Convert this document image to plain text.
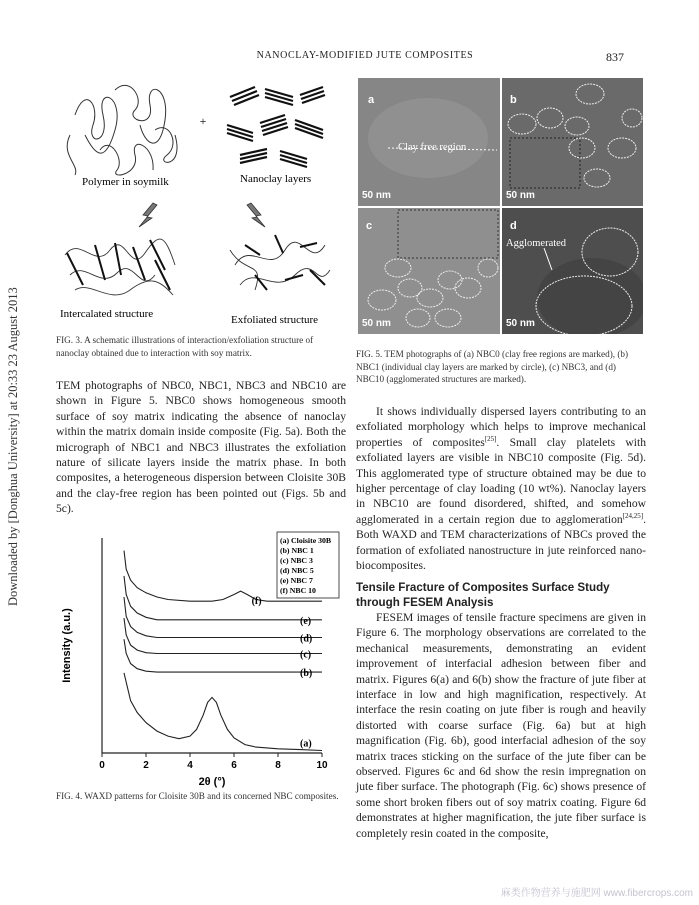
NANOCLAY-MODIFIED JUTE COMPOSITES	837
Downloaded by [Donghua University] at 20:33 23 August 2013
+
Polymer in soymilk	Nanoclay layers
Intercalated structure	Exfoliated structure
FIG. 3. A schematic illustrations of interaction/exfoliation structure of nanoclay obtained due to interaction with soy matrix.

TEM photographs of NBC0, NBC1, NBC3 and NBC10 are shown in Figure 5. NBC0 shows homogeneous smooth surface of soy matrix indicating the absence of nanoclay within the matrix domain inside composite (Fig. 5a). Both the micrograph of NBC1 and NBC3 illustrates the exfoliation nature of silicate layers inside the matrix phase. In both composites, a heterogeneous dispersion between Cloisite 30B and the clay-free region has been pointed out (Figs. 5b and 5c).

0	2	4	6	8	10
(a)
(b)
(c)
(d)
(e)
(f)
(a) Cloisite 30B
(b) NBC 1
(c) NBC 3
(d) NBC 5
(e) NBC 7
(f) NBC 10
2θ (°)
Intensity (a.u.)
FIG. 4. WAXD patterns for Cloisite 30B and its concerned NBC composites.
a
Clay free region
50 nm
b
50 nm
c
50 nm
d
Agglomerated
50 nm
FIG. 5. TEM photographs of (a) NBC0 (clay free regions are marked), (b) NBC1 (individual clay layers are marked by circle), (c) NBC3, and (d) NBC10 (agglomerated structures are marked).

It shows individually dispersed layers contributing to an exfoliated morphology which helps to improve mechanical properties of composites[25]. Small clay platelets with exfoliated layers are visible in NBC10 composite (Fig. 5d). This agglomerated type of structure obtained may be due to higher percentage of clay loading (10 wt%). Nanoclay layers in NBC10 are found disordered, shifted, and somehow agglomerated in a certain region due to agglomeration[24,25]. Both WAXD and TEM characterizations of NBCs proved the formation of exfoliated nanostructure in jute reinforced nano-biocomposites.

Tensile Fracture of Composites Surface Study through FESEM Analysis

FESEM images of tensile fracture specimens are given in Figure 6. The morphology observations are correlated to the mechanical measurements, demonstrating an evident improvement of interfacial adhesion between fiber and matrix. Figures 6(a) and 6(b) show the fracture of jute fiber at interface in low and high magnification, respectively. At interface the resin coating on jute fiber is rough and heavily distorted with coarse surface (Fig. 6a) but at high magnification (Fig. 6b), good interfacial adhesion of the soy matrix traces sticking on the surface of the jute fiber can be observed. Figures 6c and 6d show the resin impregnation on jute fiber surface. The photograph (Fig. 6c) shows presence of some short broken fibers out of soy matrix coating. Figure 6d demonstrates at higher magnification, the jute fiber surface is completely resin coated in the composite,

麻类作物营养与施肥网 www.fibercrops.com
